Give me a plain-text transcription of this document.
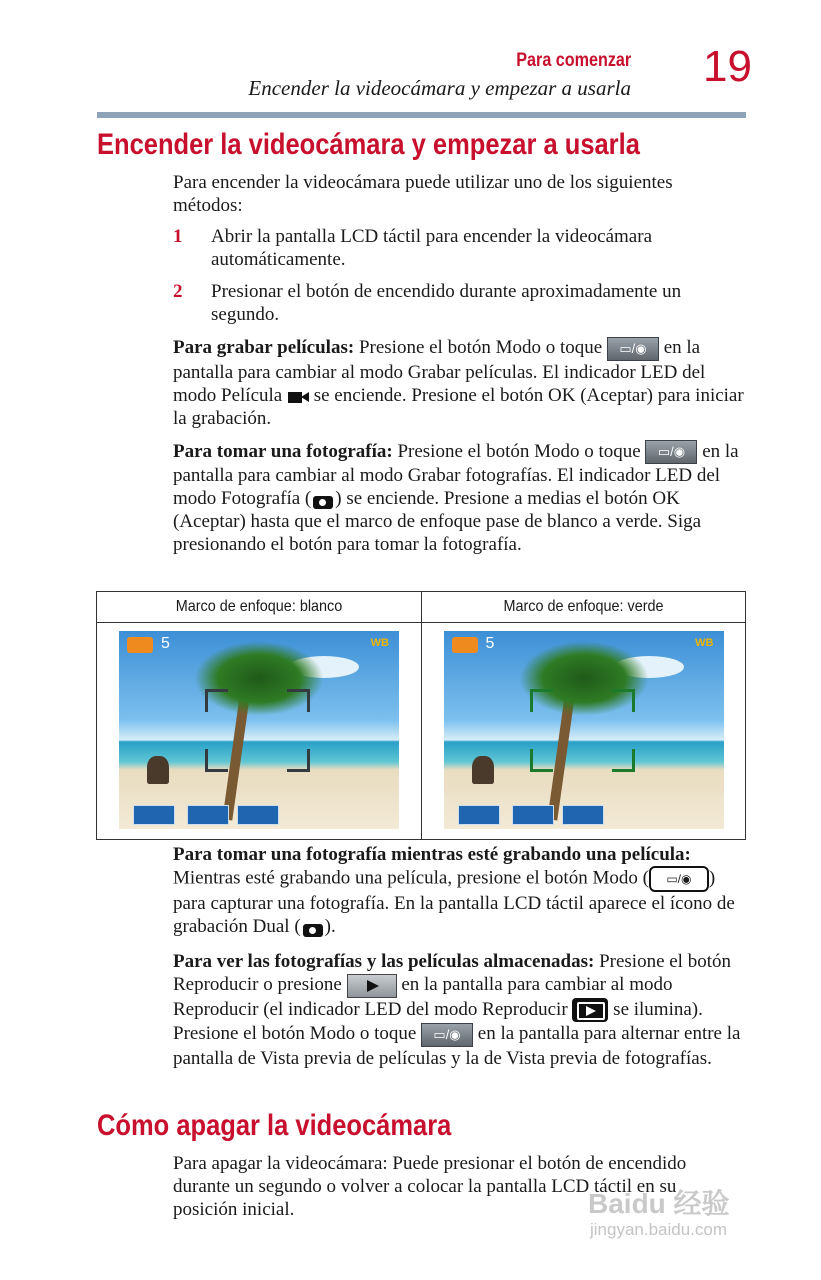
Para comenzar
Encender la videocámara y empezar a usarla 19
Encender la videocámara y empezar a usarla

Para encender la videocámara puede utilizar uno de los siguientes métodos:

1 Abrir la pantalla LCD táctil para encender la videocámara automáticamente.
2 Presionar el botón de encendido durante aproximadamente un segundo.

Para grabar películas: Presione el botón Modo o toque ▭/◉ en la pantalla para cambiar al modo Grabar películas. El indicador LED del modo Película  se enciende. Presione el botón OK (Aceptar) para iniciar la grabación.

Para tomar una fotografía: Presione el botón Modo o toque ▭/◉ en la pantalla para cambiar al modo Grabar fotografías. El indicador LED del modo Fotografía ( ) se enciende. Presione a medias el botón OK (Aceptar) hasta que el marco de enfoque pase de blanco a verde. Siga presionando el botón para tomar la fotografía.

Marco de enfoque: blanco	Marco de enfoque: verde

5 WB	5 WB

Para tomar una fotografía mientras esté grabando una película: Mientras esté grabando una película, presione el botón Modo ( ▭/◉ ) para capturar una fotografía. En la pantalla LCD táctil aparece el ícono de grabación Dual ( ).

Para ver las fotografías y las películas almacenadas: Presione el botón Reproducir o presione	en la pantalla para cambiar al modo Reproducir (el indicador LED del modo Reproducir  se ilumina). Presione el botón Modo o toque ▭/◉ en la pantalla para alternar entre la pantalla de Vista previa de películas y la de Vista previa de fotografías.

Cómo apagar la videocámara

Para apagar la videocámara: Puede presionar el botón de encendido durante un segundo o volver a colocar la pantalla LCD táctil en su posición inicial.	Baidu 经验
jingyan.baidu.com
